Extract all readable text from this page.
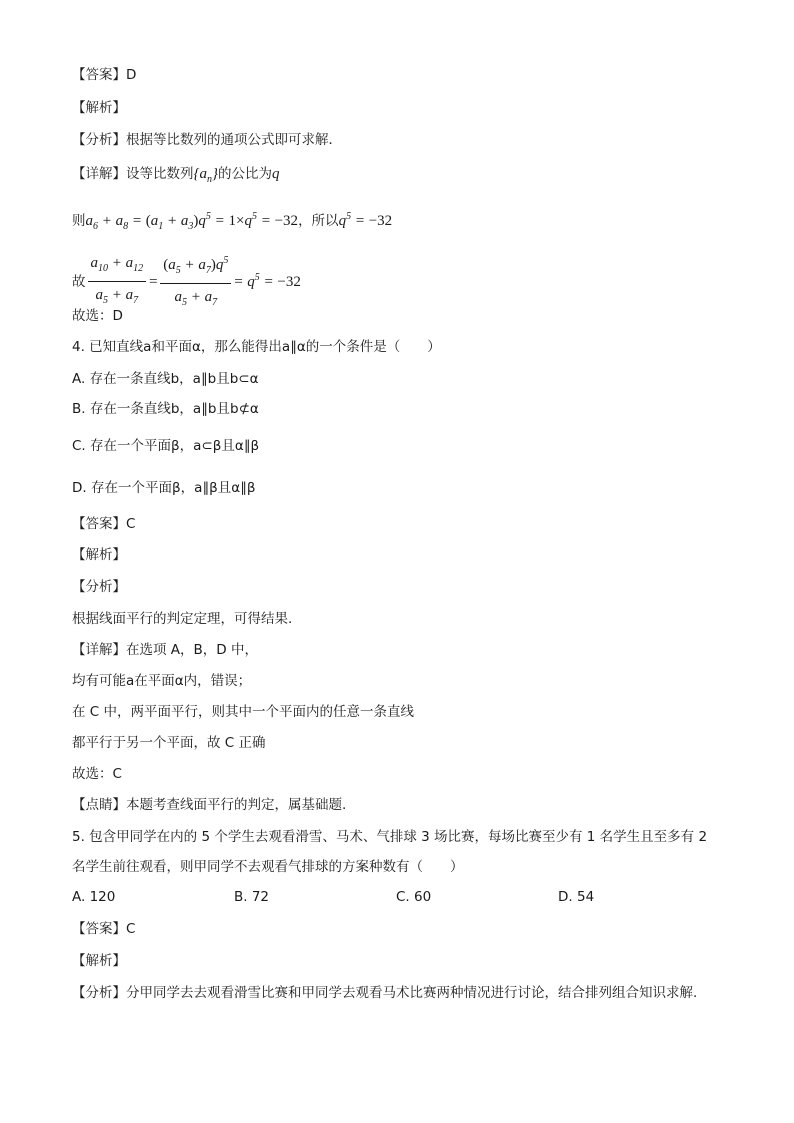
【答案】D
【解析】
【分析】根据等比数列的通项公式即可求解．
【详解】设等比数列$\{a_n\}$的公比为q
则$a_6 + a_8 = (a_1 + a_3)q^5 = 1\times q^5 = -32$，所以$q^5 = -32$
故 $\frac{a_{10} + a_{12}}{a_5 + a_7} = \frac{(a_5 + a_7)q^5}{a_5 + a_7} = q^5 = -32$
故选：D
4. 已知直线a和平面α，那么能得出a∥α的一个条件是（　　）
A. 存在一条直线b，a∥b且b⊂α
B. 存在一条直线b，a∥b且b⊄α
C. 存在一个平面β，a⊂β且α∥β
D. 存在一个平面β，a∥β且α∥β
【答案】C
【解析】
【分析】
根据线面平行的判定定理，可得结果.
【详解】在选项 A，B，D 中，
均有可能a在平面α内，错误；
在 C 中，两平面平行，则其中一个平面内的任意一条直线
都平行于另一个平面，故 C 正确
故选：C
【点睛】本题考查线面平行的判定，属基础题.
5. 包含甲同学在内的 5 个学生去观看滑雪、马术、气排球 3 场比赛，每场比赛至少有 1 名学生且至多有 2
名学生前往观看，则甲同学不去观看气排球的方案种数有（　　）
A. 120	B. 72	C. 60	D. 54
【答案】C
【解析】
【分析】分甲同学去去观看滑雪比赛和甲同学去观看马术比赛两种情况进行讨论，结合排列组合知识求解.
